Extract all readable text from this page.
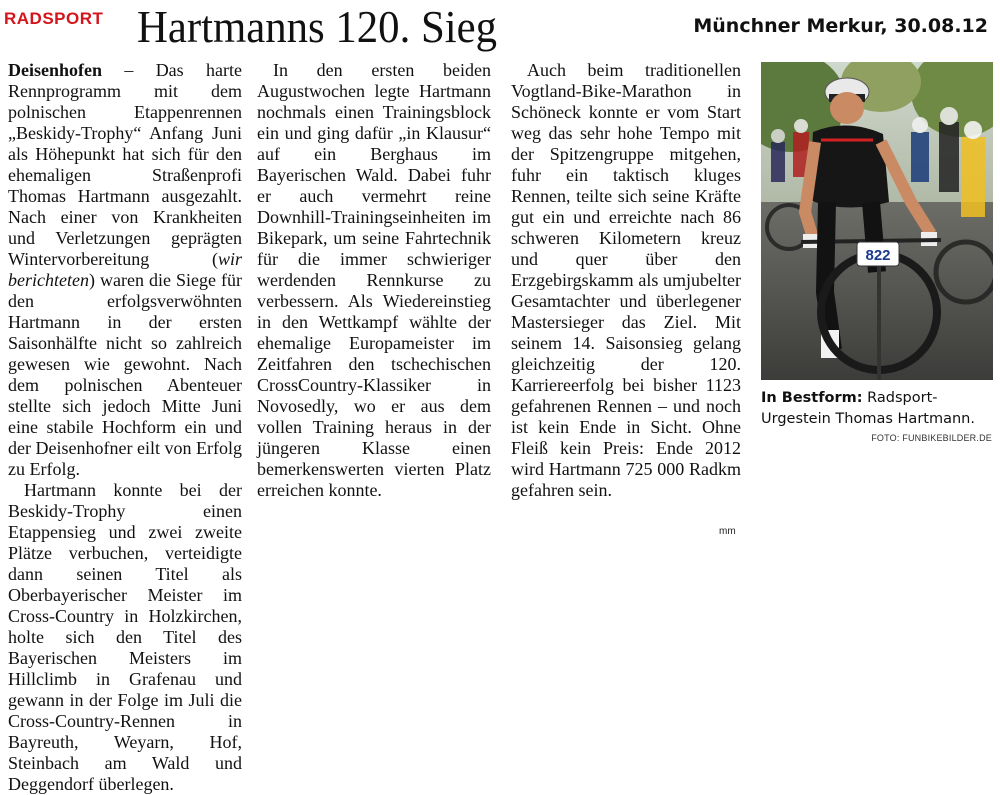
RADSPORT Hartmanns 120. Sieg	Münchner Merkur, 30.08.12

Deisenhofen – Das harte Rennprogramm mit dem polnischen Etappenrennen „Beskidy-Trophy“ Anfang Juni als Höhepunkt hat sich für den ehemaligen Straßenprofi Thomas Hartmann ausgezahlt. Nach einer von Krankheiten und Verletzungen geprägten Wintervorbereitung (wir berichteten) waren die Siege für den erfolgsverwöhnten Hartmann in der ersten Saisonhälfte nicht so zahlreich gewesen wie gewohnt. Nach dem polnischen Abenteuer stellte sich jedoch Mitte Juni eine stabile Hochform ein und der Deisenhofner eilt von Erfolg zu Erfolg.

Hartmann konnte bei der Beskidy-Trophy einen Etappensieg und zwei zweite Plätze verbuchen, verteidigte dann seinen Titel als Oberbayerischer Meister im Cross-Country in Holzkirchen, holte sich den Titel des Bayerischen Meisters im Hillclimb in Grafenau und gewann in der Folge im Juli die Cross-Country-Rennen in Bayreuth, Weyarn, Hof, Steinbach am Wald und Deggendorf überlegen.

In den ersten beiden Augustwochen legte Hartmann nochmals einen Trainingsblock ein und ging dafür „in Klausur“ auf ein Berghaus im Bayerischen Wald. Dabei fuhr er auch vermehrt reine Downhill-Trainingseinheiten im Bikepark, um seine Fahrtechnik für die immer schwieriger werdenden Rennkurse zu verbessern. Als Wiedereinstieg in den Wettkampf wählte der ehemalige Europameister im Zeitfahren den tschechischen CrossCountry-Klassiker in Novosedly, wo er aus dem vollen Training heraus in der jüngeren Klasse einen bemerkenswerten vierten Platz erreichen konnte.

Auch beim traditionellen Vogtland-Bike-Marathon in Schöneck konnte er vom Start weg das sehr hohe Tempo mit der Spitzengruppe mitgehen, fuhr ein taktisch kluges Rennen, teilte sich seine Kräfte gut ein und erreichte nach 86 schweren Kilometern kreuz und quer über den Erzgebirgskamm als umjubelter Gesamtachter und überlegener Mastersieger das Ziel. Mit seinem 14. Saisonsieg gelang gleichzeitig der 120. Karriereerfolg bei bisher 1123 gefahrenen Rennen – und noch ist kein Ende in Sicht. Ohne Fleiß kein Preis: Ende 2012 wird Hartmann 725 000 Radkm gefahren sein.

mm
822
In Bestform: Radsport-Urgestein Thomas Hartmann.
FOTO: FUNBIKEBILDER.DE
